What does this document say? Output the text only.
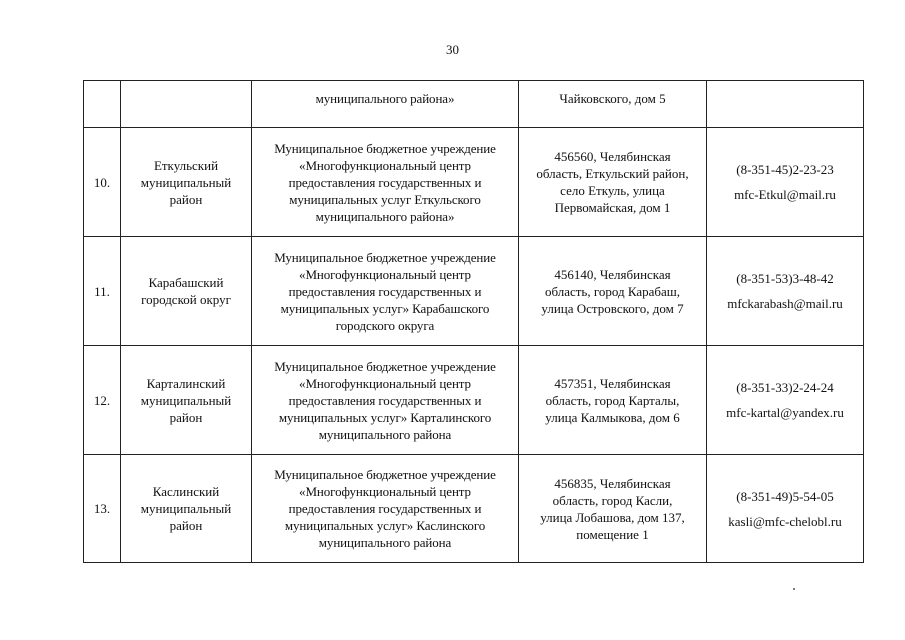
30

		муниципального района»	Чайковского, дом 5	

10.	Еткульский
муниципальный
район	Муниципальное бюджетное учреждение
«Многофункциональный центр
предоставления государственных и
муниципальных услуг Еткульского
муниципального района»	456560, Челябинская
область, Еткульский район,
село Еткуль, улица
Первомайская, дом 1	(8-351-45)2-23-23
mfc-Etkul@mail.ru

11.	Карабашский
городской округ	Муниципальное бюджетное учреждение
«Многофункциональный центр
предоставления государственных и
муниципальных услуг» Карабашского
городского округа	456140, Челябинская
область, город Карабаш,
улица Островского, дом 7	(8-351-53)3-48-42
mfckarabash@mail.ru

12.	Карталинский
муниципальный
район	Муниципальное бюджетное учреждение
«Многофункциональный центр
предоставления государственных и
муниципальных услуг» Карталинского
муниципального района	457351, Челябинская
область, город Карталы,
улица Калмыкова, дом 6	(8-351-33)2-24-24
mfc-kartal@yandex.ru

13.	Каслинский
муниципальный
район	Муниципальное бюджетное учреждение
«Многофункциональный центр
предоставления государственных и
муниципальных услуг» Каслинского
муниципального района	456835, Челябинская
область, город Касли,
улица Лобашова, дом 137,
помещение 1	(8-351-49)5-54-05
kasli@mfc-chelobl.ru
